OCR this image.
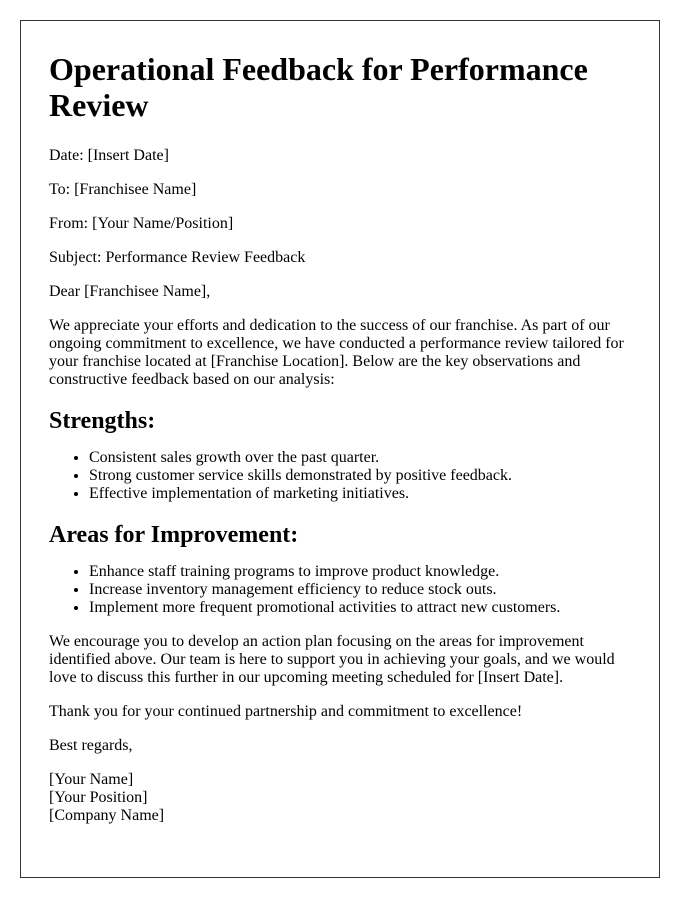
Operational Feedback for Performance Review

Date: [Insert Date]

To: [Franchisee Name]

From: [Your Name/Position]

Subject: Performance Review Feedback

Dear [Franchisee Name],

We appreciate your efforts and dedication to the success of our franchise. As part of our ongoing commitment to excellence, we have conducted a performance review tailored for your franchise located at [Franchise Location]. Below are the key observations and constructive feedback based on our analysis:

Strengths:
• Consistent sales growth over the past quarter.
• Strong customer service skills demonstrated by positive feedback.
• Effective implementation of marketing initiatives.
Areas for Improvement:
• Enhance staff training programs to improve product knowledge.
• Increase inventory management efficiency to reduce stock outs.
• Implement more frequent promotional activities to attract new customers.

We encourage you to develop an action plan focusing on the areas for improvement identified above. Our team is here to support you in achieving your goals, and we would love to discuss this further in our upcoming meeting scheduled for [Insert Date].

Thank you for your continued partnership and commitment to excellence!

Best regards,

[Your Name]

[Your Position]

[Company Name]
